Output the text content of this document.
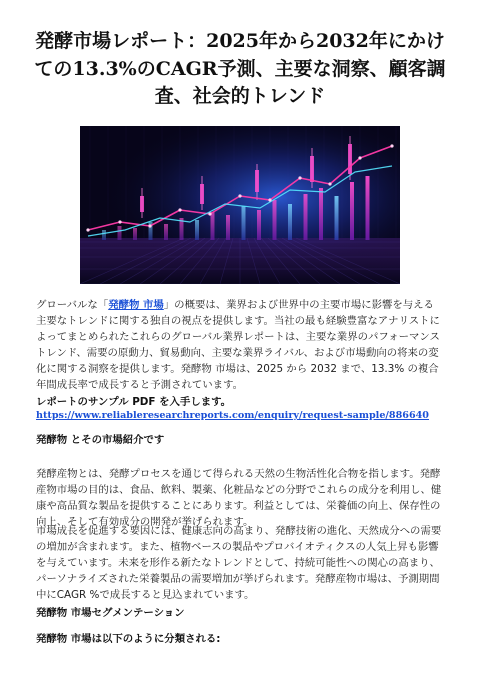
発酵市場レポート：2025年から2032年にかけての13.3%のCAGR予測、主要な洞察、顧客調査、社会的トレンド

グローバルな「発酵物 市場」の概要は、業界および世界中の主要市場に影響を与える主要なトレンドに関する独自の視点を提供します。当社の最も経験豊富なアナリストによってまとめられたこれらのグローバル業界レポートは、主要な業界のパフォーマンス トレンド、需要の原動力、貿易動向、主要な業界ライバル、および市場動向の将来の変化に関する洞察を提供します。発酵物 市場は、2025 から 2032 まで、13.3% の複合年間成長率で成長すると予測されています。

レポートのサンプル PDF を入手します。

https://www.reliableresearchreports.com/enquiry/request-sample/886640

発酵物 とその市場紹介です

発酵産物とは、発酵プロセスを通じて得られる天然の生物活性化合物を指します。発酵産物市場の目的は、食品、飲料、製薬、化粧品などの分野でこれらの成分を利用し、健康や高品質な製品を提供することにあります。利益としては、栄養価の向上、保存性の向上、そして有効成分の開発が挙げられます。

市場成長を促進する要因には、健康志向の高まり、発酵技術の進化、天然成分への需要の増加が含まれます。また、植物ベースの製品やプロバイオティクスの人気上昇も影響を与えています。未来を形作る新たなトレンドとして、持続可能性への関心の高まり、パーソナライズされた栄養製品の需要増加が挙げられます。発酵産物市場は、予測期間中にCAGR %で成長すると見込まれています。

発酵物 市場セグメンテーション

発酵物 市場は以下のように分類される:
